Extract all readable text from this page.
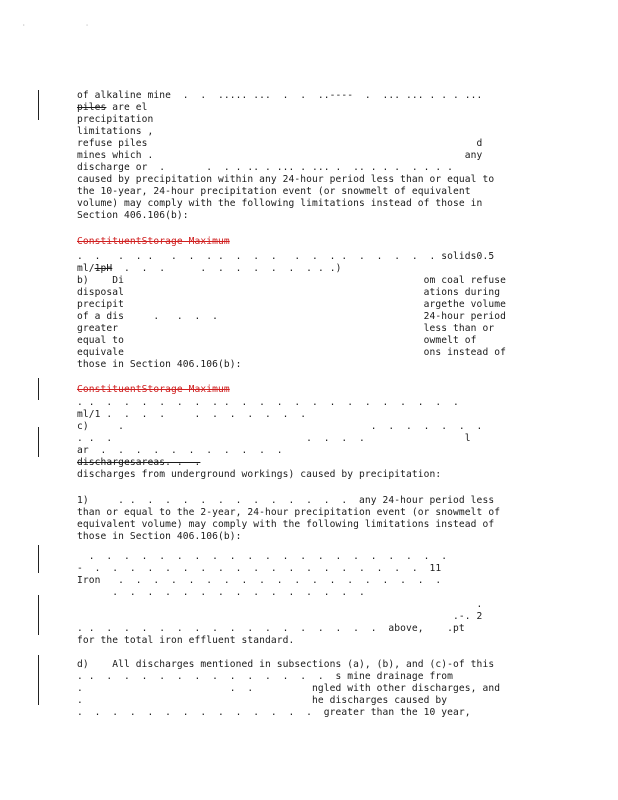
· ·
of alkaline mine  .  .  ..... ...  .  .  ..----  .  ... ... . . . ...
piles are el
precipitation
limitations ,
refuse piles                                                        d
mines which .                                                     any
discharge or  .       .  . . .. . ... . ... .  .. . . .  . . . .
caused by precipitation within any 24-hour period less than or equal to
the 10-year, 24-hour precipitation event (or snowmelt of equivalent
volume) may comply with the following limitations instead of those in
Section 406.106(b):
ConstituentStorage Maximum
.  .   .  . .   .  .  . .  .  .  .   .  .  . .  .  .  .  .  . solids0.5
ml/1pH  .  .  .      .  .  .  .  .  .  . . .)
b)    Di                                                   om coal refuse
disposal                                                   ations during
precipit                                                   argethe volume
of a dis     .   .  .  .                                   24-hour period
greater                                                    less than or
equal to                                                   owmelt of
equivale                                                   ons instead of
those in Section 406.106(b):
ConstituentStorage Maximum
. .  .  .  .  .  .  .  . .  .  .  .  .  .  .  .  .  .  .  .  .  .
ml/1 .  .  .  .     .  .  .  .  .  .  .
c)     .                                          .  .  .  .  .  .  .
. .  .                                 .  .  .  .                 l
ar  .  .  .  .  .  .  .  .  .  .  .
dischargesareas. .  .
discharges from underground workings) caused by precipitation:
1)     . .  .  .  .  .  .  .  .  .  .  .  .  .  any 24-hour period less
than or equal to the 2-year, 24-hour precipitation event (or snowmelt of
equivalent volume) may comply with the following limitations instead of
those in Section 406.106(b):
.  .  .  .  .  .  .  .  .  .  .  .  .  .  .  .  .  .  .  .  .
-  .  .  .  .  .  .  .  .  .  .  .  .  .  .  .  .  .  .  .  11
Iron   .  .  .  .  .  .  .  .  .  .  .  .  .  .  .  .  .  .  .
.  .  .  .  .  .  .  .  .  .  .  .  .  .  .
.
.-. 2
. .  .  .  .  .  .  .  .  .  .  .  .  .  .  .  .  .  above,    .pt
for the total iron effluent standard.
d)    All discharges mentioned in subsections (a), (b), and (c)-of this
. .  .  .  .  .  .  .  .  .  .  .  .  .  .  s mine drainage from
.                         .  .          ngled with other discharges, and
.                                       he discharges caused by
.  .  .  .  .  .  .  .  .  .  .  .  .  .  greater than the 10 year,
